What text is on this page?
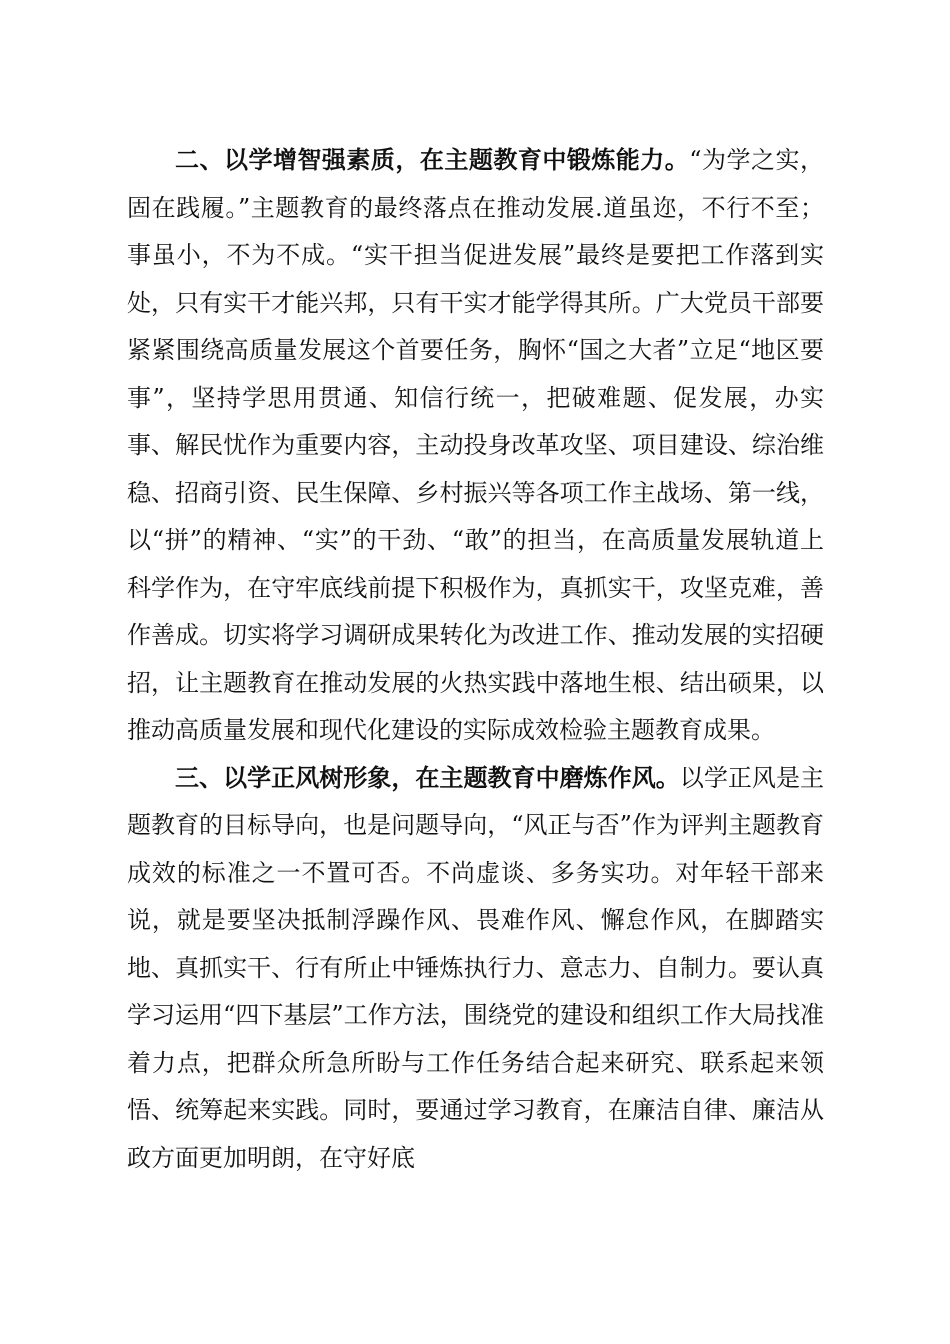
二、以学增智强素质，在主题教育中锻炼能力。“为学之实，固在践履。”主题教育的最终落点在推动发展.道虽迩，不行不至；事虽小，不为不成。“实干担当促进发展”最终是要把工作落到实处，只有实干才能兴邦，只有干实才能学得其所。广大党员干部要紧紧围绕高质量发展这个首要任务，胸怀“国之大者”立足“地区要事”，坚持学思用贯通、知信行统一，把破难题、促发展，办实事、解民忧作为重要内容，主动投身改革攻坚、项目建设、综治维稳、招商引资、民生保障、乡村振兴等各项工作主战场、第一线，以“拼”的精神、“实”的干劲、“敢”的担当，在高质量发展轨道上科学作为，在守牢底线前提下积极作为，真抓实干，攻坚克难，善作善成。切实将学习调研成果转化为改进工作、推动发展的实招硬招，让主题教育在推动发展的火热实践中落地生根、结出硕果，以推动高质量发展和现代化建设的实际成效检验主题教育成果。

三、以学正风树形象，在主题教育中磨炼作风。以学正风是主题教育的目标导向，也是问题导向，“风正与否”作为评判主题教育成效的标准之一不置可否。不尚虚谈、多务实功。对年轻干部来说，就是要坚决抵制浮躁作风、畏难作风、懈怠作风，在脚踏实地、真抓实干、行有所止中锤炼执行力、意志力、自制力。要认真学习运用“四下基层”工作方法，围绕党的建设和组织工作大局找准着力点，把群众所急所盼与工作任务结合起来研究、联系起来领悟、统筹起来实践。同时，要通过学习教育，在廉洁自律、廉洁从政方面更加明朗，在守好底
